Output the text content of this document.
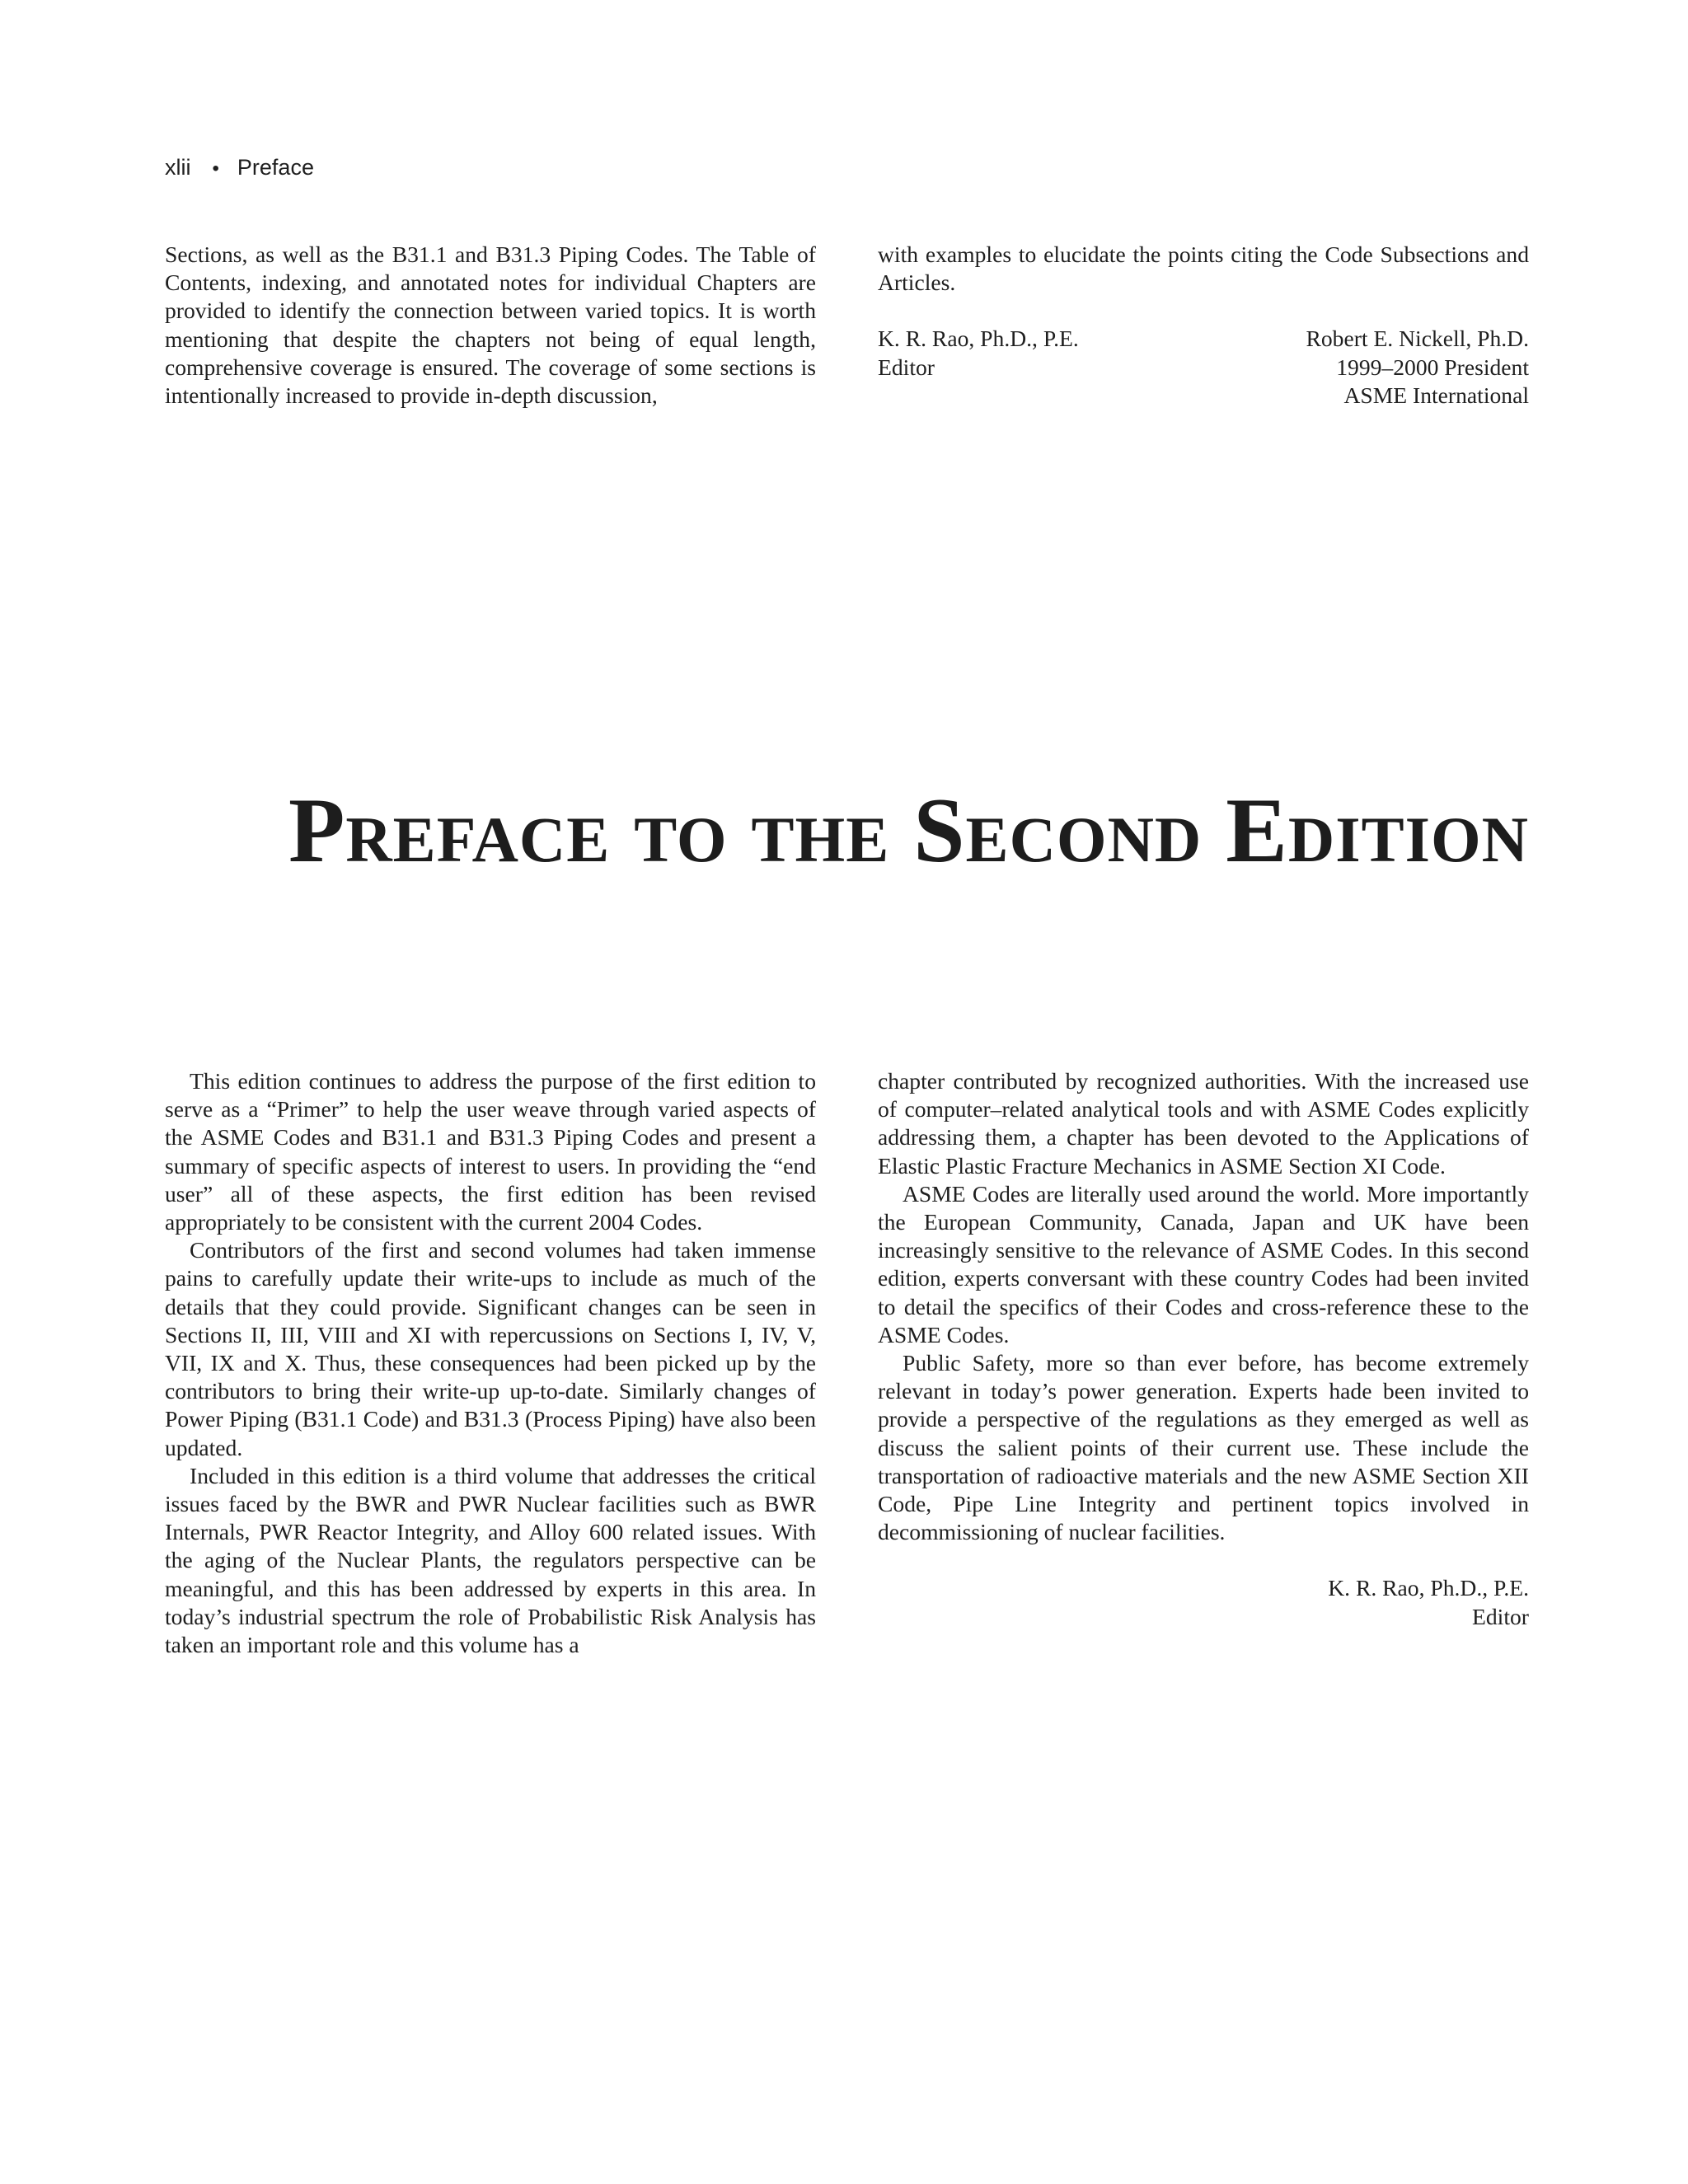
xlii • Preface

Sections, as well as the B31.1 and B31.3 Piping Codes. The Table of Contents, indexing, and annotated notes for individual Chapters are provided to identify the connection between varied topics. It is worth mentioning that despite the chapters not being of equal length, comprehensive coverage is ensured. The coverage of some sections is intentionally increased to provide in-depth discussion,

with examples to elucidate the points citing the Code Subsections and Articles.

K. R. Rao, Ph.D., P.E.
Editor
Robert E. Nickell, Ph.D.
1999–2000 President
ASME International
Preface to the Second Edition

This edition continues to address the purpose of the first edition to serve as a “Primer” to help the user weave through varied aspects of the ASME Codes and B31.1 and B31.3 Piping Codes and present a summary of specific aspects of interest to users. In providing the “end user” all of these aspects, the first edition has been revised appropriately to be consistent with the current 2004 Codes.

Contributors of the first and second volumes had taken immense pains to carefully update their write-ups to include as much of the details that they could provide. Significant changes can be seen in Sections II, III, VIII and XI with repercussions on Sections I, IV, V, VII, IX and X. Thus, these consequences had been picked up by the contributors to bring their write-up up-to-date. Similarly changes of Power Piping (B31.1 Code) and B31.3 (Process Piping) have also been updated.

Included in this edition is a third volume that addresses the critical issues faced by the BWR and PWR Nuclear facilities such as BWR Internals, PWR Reactor Integrity, and Alloy 600 related issues. With the aging of the Nuclear Plants, the regulators perspective can be meaningful, and this has been addressed by experts in this area. In today’s industrial spectrum the role of Probabilistic Risk Analysis has taken an important role and this volume has a

chapter contributed by recognized authorities. With the increased use of computer–related analytical tools and with ASME Codes explicitly addressing them, a chapter has been devoted to the Applications of Elastic Plastic Fracture Mechanics in ASME Section XI Code.

ASME Codes are literally used around the world. More importantly the European Community, Canada, Japan and UK have been increasingly sensitive to the relevance of ASME Codes. In this second edition, experts conversant with these country Codes had been invited to detail the specifics of their Codes and cross-reference these to the ASME Codes.

Public Safety, more so than ever before, has become extremely relevant in today’s power generation. Experts hade been invited to provide a perspective of the regulations as they emerged as well as discuss the salient points of their current use. These include the transportation of radioactive materials and the new ASME Section XII Code, Pipe Line Integrity and pertinent topics involved in decommissioning of nuclear facilities.

K. R. Rao, Ph.D., P.E.
Editor
